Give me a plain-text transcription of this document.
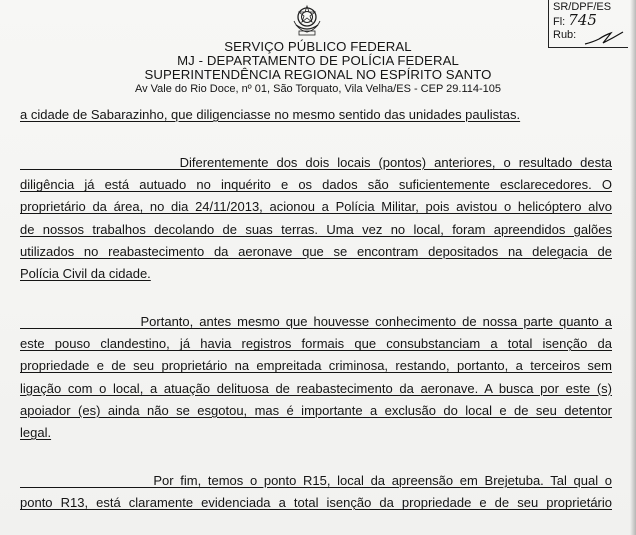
SR/DPF/ES
Fl: 745
Rub:
SERVIÇO PÚBLICO FEDERAL
MJ - DEPARTAMENTO DE POLÍCIA FEDERAL
SUPERINTENDÊNCIA REGIONAL NO ESPÍRITO SANTO
Av Vale do Rio Doce, nº 01, São Torquato, Vila Velha/ES - CEP 29.114-105
a cidade de Sabarazinho, que diligenciasse no mesmo sentido das unidades paulistas.
Diferentemente dos dois locais (pontos) anteriores, o resultado desta
diligência já está autuado no inquérito e os dados são suficientemente esclarecedores. O
proprietário da área, no dia 24/11/2013, acionou a Polícia Militar, pois avistou o helicóptero alvo
de nossos trabalhos decolando de suas terras. Uma vez no local, foram apreendidos galões
utilizados no reabastecimento da aeronave que se encontram depositados na delegacia de
Polícia Civil da cidade.
Portanto, antes mesmo que houvesse conhecimento de nossa parte quanto a
este pouso clandestino, já havia registros formais que consubstanciam a total isenção da
propriedade e de seu proprietário na empreitada criminosa, restando, portanto, a terceiros sem
ligação com o local, a atuação delituosa de reabastecimento da aeronave. A busca por este (s)
apoiador (es) ainda não se esgotou, mas é importante a exclusão do local e de seu detentor
legal.
Por fim, temos o ponto R15, local da apreensão em Brejetuba. Tal qual o
ponto R13, está claramente evidenciada a total isenção da propriedade e de seu proprietário
